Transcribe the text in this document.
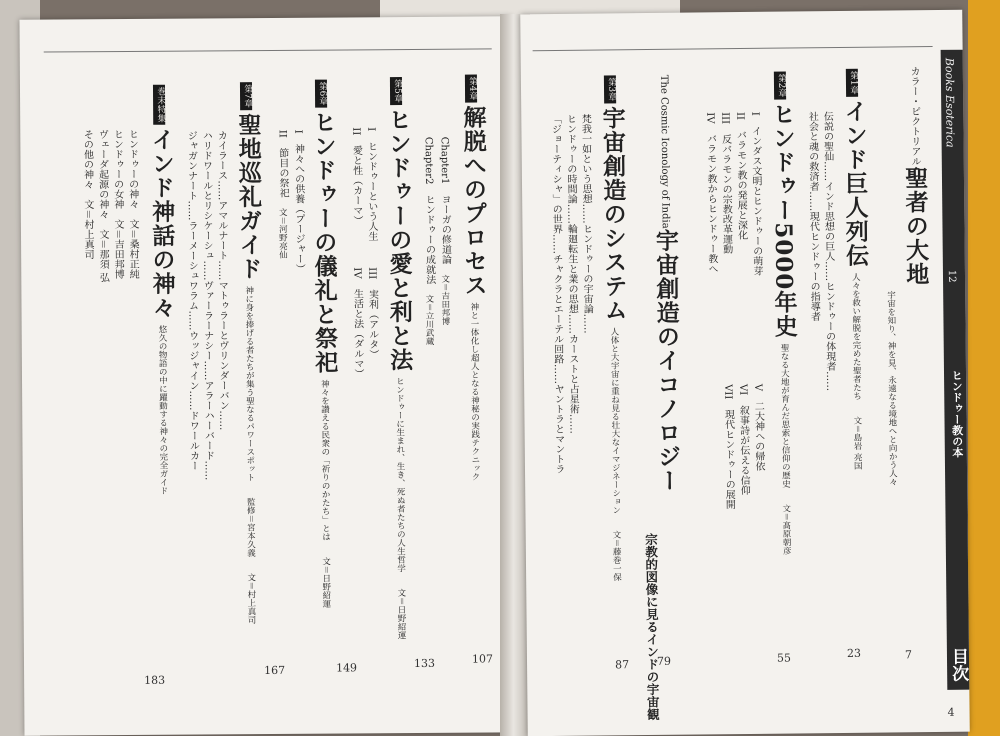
第4章解脱へのプロセス 神と一体化し超人となる神秘の実践テクニック
Chapter1　ヨーガの修道論　文＝吉田邦博
Chapter2　ヒンドゥーの成就法　文＝立川武蔵
107
第5章ヒンドゥーの愛と利と法 ヒンドゥーに生まれ、生き、死ぬ者たちの人生哲学　文＝日野紹運
I　ヒンドゥーという人生
II　愛と性（カーマ）
III　実利（アルタ）
IV　生活と法（ダルマ）
133
第6章ヒンドゥーの儀礼と祭祀 神々を讃える民衆の「祈りのかたち」とは　文＝日野紹運
I　神々への供養（プージャー）
II　節目の祭祀　文＝河野亮仙
149
第7章聖地巡礼ガイド 神に身を捧げる者たちが集う聖なるパワースポット　監修＝宮本久義　文＝村上真司
カイラース……アマルナート……マトゥラーとヴリンダーバン……
ハリドワールとリシケーシュ……ヴァーラーナシー……アラーハーバード……
ジャガンナート……ラーメーシュワラム……ウッジャイン……ドワールカー
167
巻末特集インド神話の神々 悠久の物語の中に躍動する神々の完全ガイド
ヒンドゥーの神々　文＝桑村正純
ヒンドゥーの女神　文＝吉田邦博
ヴェーダ起源の神々　文＝那須 弘
その他の神々　文＝村上真司
183
Books Esoterica
12
ヒンドゥー教の本
目次
カラー・ピクトリアル聖者の大地
宇宙を知り、神を見、永遠なる境地へと向かう人々
7
第1章インド巨人列伝 人々を救い解脱を完めた聖者たち　文＝島岩 亮国
伝説の聖仙……インド思想の巨人……ヒンドゥーの体現者……
社会と魂の救済者……現代ヒンドゥーの指導者
23
第2章ヒンドゥー5000年史 聖なる大地が育んだ思索と信仰の歴史　文＝髙原朝彦
I　インダス文明とヒンドゥーの萌芽
II　バラモン教の発展と深化
III　反バラモンの宗教改革運動
IV　バラモン教からヒンドゥー教へ
V　二大神への帰依
VI　叙事詩が伝える信仰
VII　現代ヒンドゥーの展開
55
The Cosmic Iconology of India宇宙創造のイコノロジー
宗教的図像に見るインドの宇宙観
79
第3章宇宙創造のシステム 人体と大宇宙に重ね見る壮大なイマジネーション　文＝藤巻一保
梵我一如という思想……ヒンドゥーの宇宙論……
ヒンドゥーの時間論……輪廻転生と業の思想……カーストと占星術……
「ジョーティシャ」の世界……チャクラとエーテル回路……ヤントラとマントラ
87
4
